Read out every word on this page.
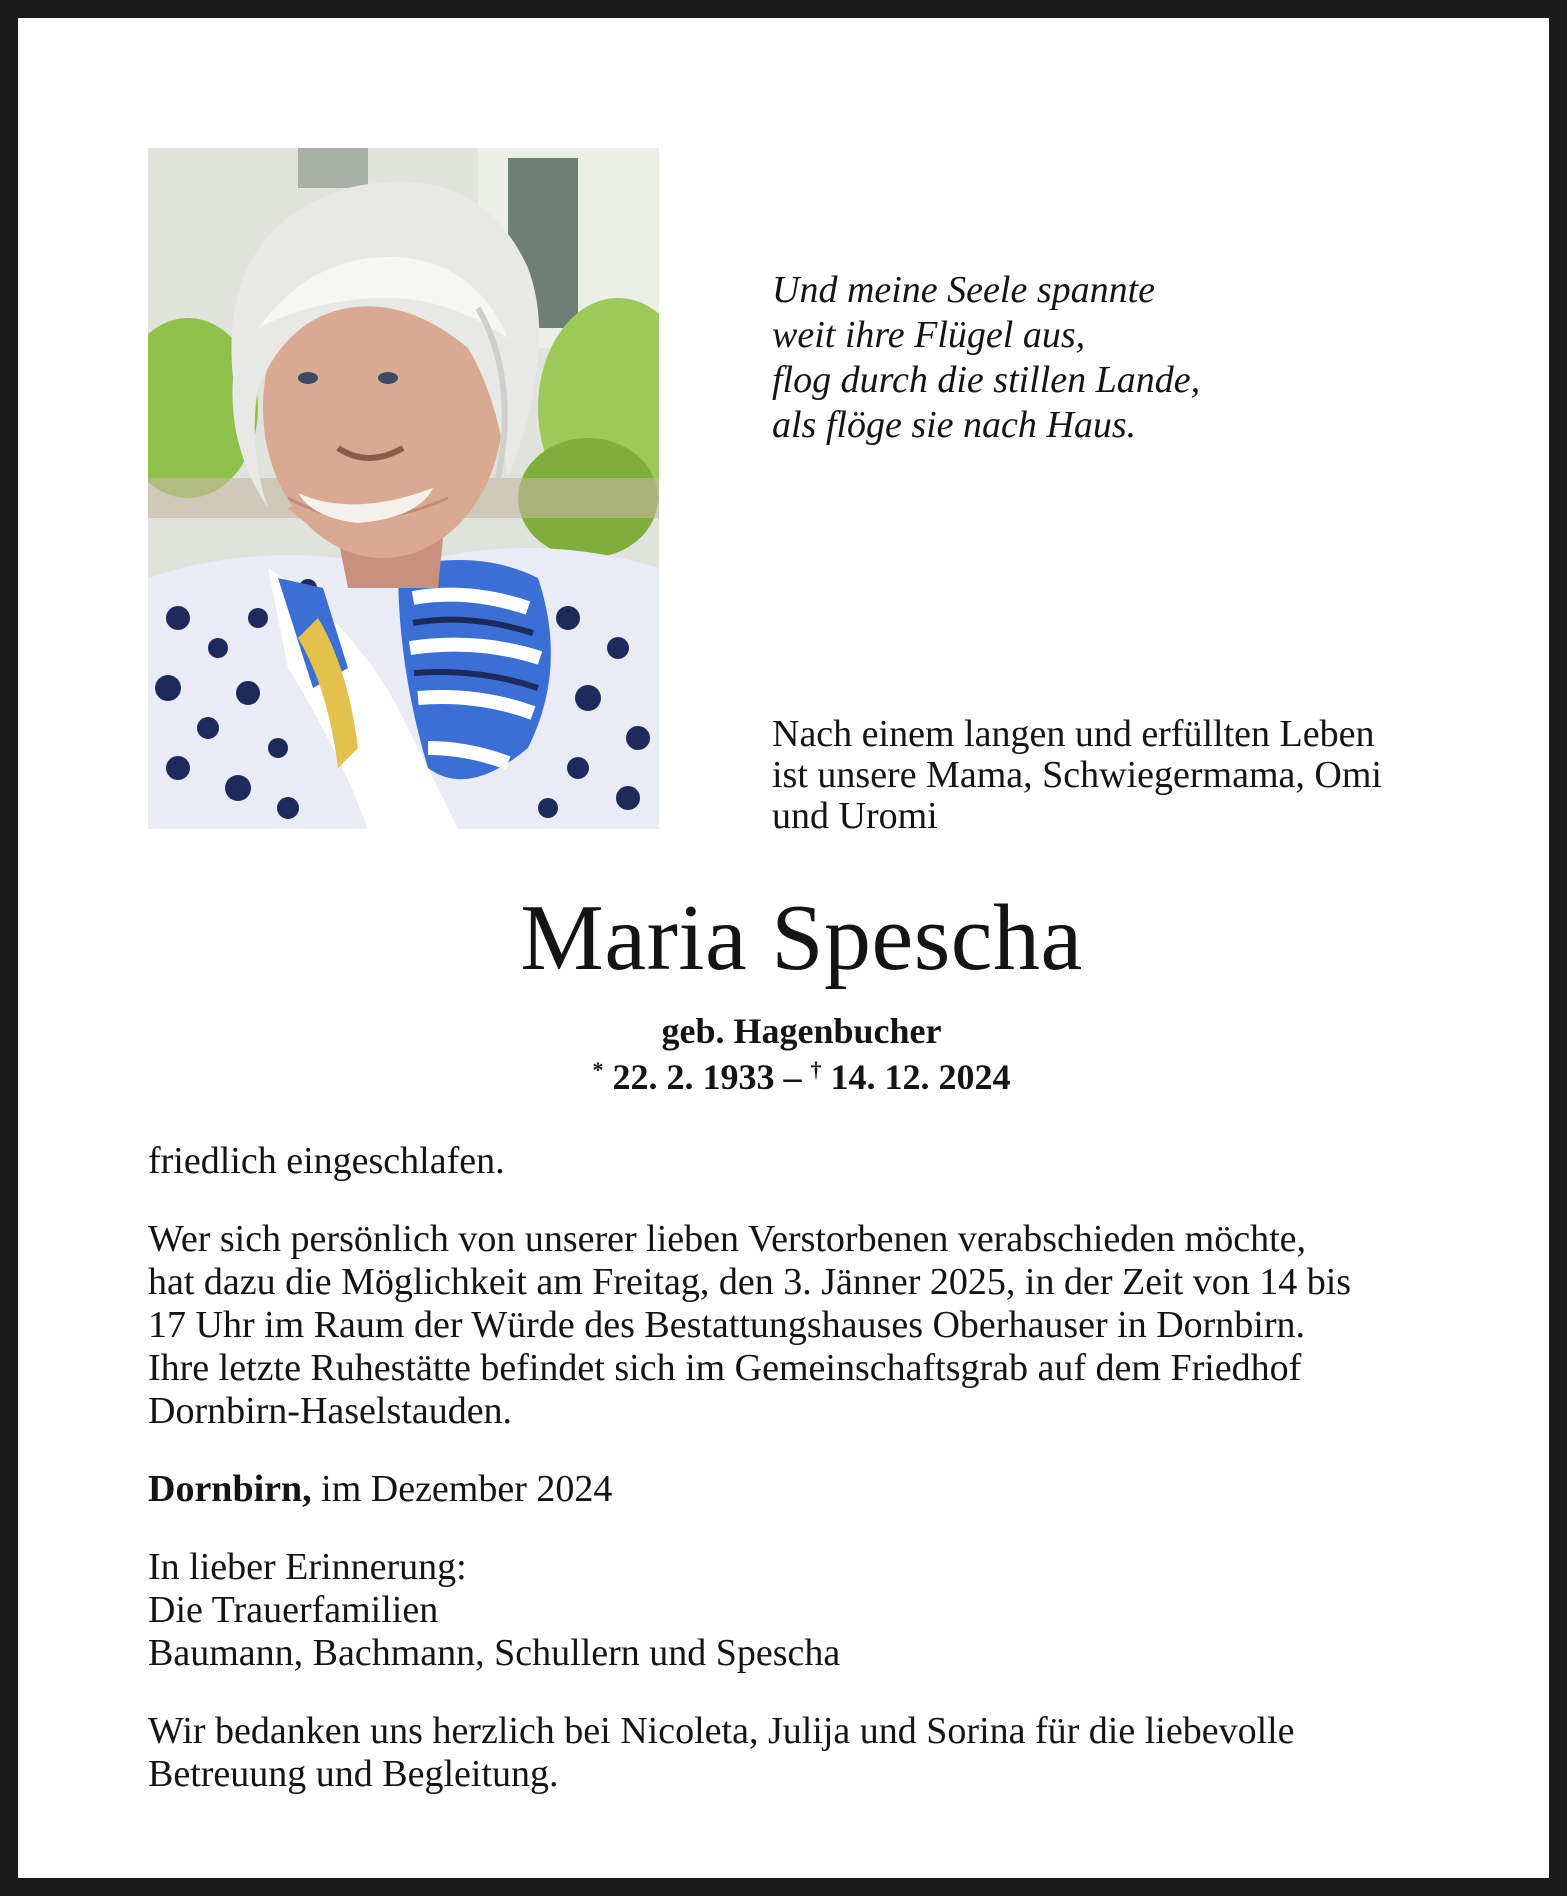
Und meine Seele spannte
weit ihre Flügel aus,
flog durch die stillen Lande,
als flöge sie nach Haus.
Nach einem langen und erfüllten Leben
ist unsere Mama, Schwiegermama, Omi
und Uromi
Maria Spescha
geb. Hagenbucher
* 22. 2. 1933 – † 14. 12. 2024
friedlich eingeschlafen.
Wer sich persönlich von unserer lieben Verstorbenen verabschieden möchte,
hat dazu die Möglichkeit am Freitag, den 3. Jänner 2025, in der Zeit von 14 bis
17 Uhr im Raum der Würde des Bestattungshauses Oberhauser in Dornbirn.
Ihre letzte Ruhestätte befindet sich im Gemeinschaftsgrab auf dem Friedhof
Dornbirn-Haselstauden.
Dornbirn, im Dezember 2024
In lieber Erinnerung:
Die Trauerfamilien
Baumann, Bachmann, Schullern und Spescha
Wir bedanken uns herzlich bei Nicoleta, Julija und Sorina für die liebevolle
Betreuung und Begleitung.
